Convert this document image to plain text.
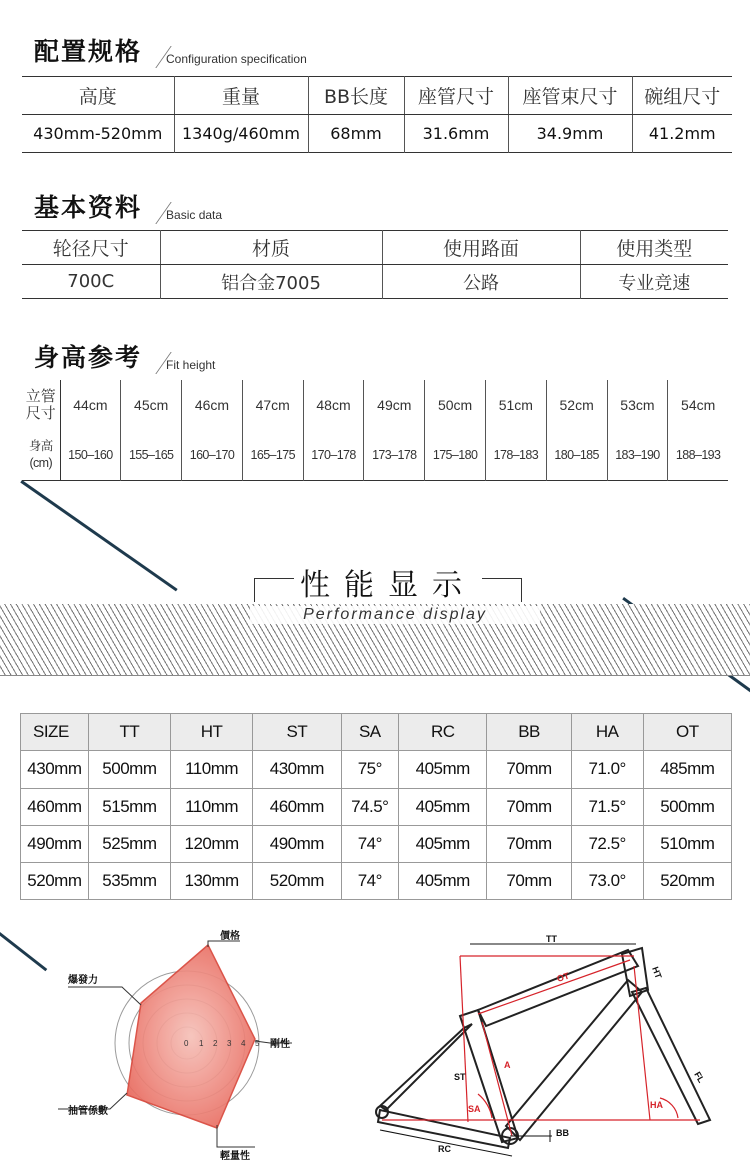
配置规格 Configuration specification
高度	重量	BB长度	座管尺寸	座管束尺寸	碗组尺寸
430mm-520mm	1340g/460mm	68mm	31.6mm	34.9mm	41.2mm
基本资料 Basic data
轮径尺寸	材质	使用路面	使用类型
700C	铝合金7005	公路	专业竞速
身高参考 Fit height
立管
尺寸	44cm	45cm	46cm	47cm	48cm	49cm	50cm	51cm	52cm	53cm	54cm
身高
(cm)	150–160	155–165	160–170	165–175	170–178	173–178	175–180	178–183	180–185	183–190	188–193
性能显示
Performance display
SIZE	TT	HT	ST	SA	RC	BB	HA	OT
430mm	500mm	110mm	430mm	75°	405mm	70mm	71.0°	485mm
460mm	515mm	110mm	460mm	74.5°	405mm	70mm	71.5°	500mm
490mm	525mm	120mm	490mm	74°	405mm	70mm	72.5°	510mm
520mm	535mm	130mm	520mm	74°	405mm	70mm	73.0°	520mm
0 1 2 3 4 5
價格
剛性
輕量性
抽管係數
爆發力
TT
HT
OT
ST
A
SA
BB
RC
FL
HA
